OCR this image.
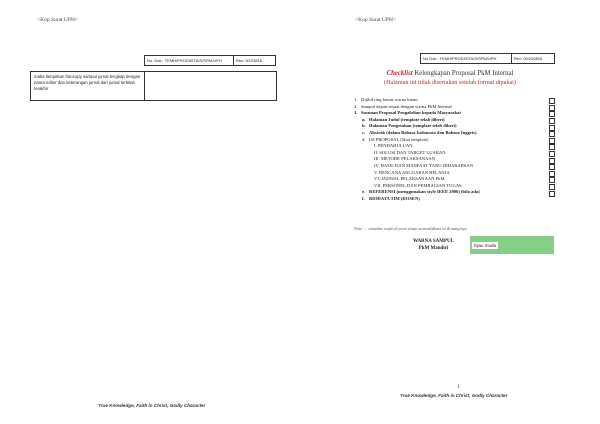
<Kop Surat UPH>
No. Dok.: TEMH/PRODI/STA/S/SPM-UPH	Rev: 00/23816
maka lampirkan fotocopy sampul jurnal lengkap dengan nama editor dan keterangan jurnal dari jurnal terbitan terakhir
True Knowledge, Faith in Christ, Godly Character
<Kop Surat UPH>
No Dok.: TEMH/PRODI/STA/S/SPM/UPH	Rev: 00/230816
Checklist Kelengkapan Proposal PkM Internal
(Halaman ini tidak disertakan setelah format dipakai)
1. Dijilid ring kawat warna hitam
2. Sampul depan sesuai dengan warna PkM Internal
3. Susunan Proposal Pengabdian kepada Masyarakat
a. Halaman Judul (template telah diberi)
b. Halaman Pengesahan (template telah diberi)
c. Abstrak (dalam Bahasa Indonesia dan Bahasa Inggris)
d. ISI PROPOSAL (lihat template)
I. PENDAHULUAN
II. SOLUSI DAN TARGET LUARAN
III. METODE PELAKSANAAN
IV. HASIL DAN MANFAAT YANG DIHARAPKAN
V. RENCANA ANGGARAN BELANJA
VI. JADWAL PELAKSANAAN PkM
VII. PERSONEL DAN PEMBAGIAN TUGAS
e. REFERENSI (menggunakan style IEEE 2006) (bila ada)
f. BIODATA TIM (DOSEN)
Note: ... template wajib di print tetapi memodifikasi isi di nanginya
WARNA SAMPUL
PkM Mandiri
hijau muda
1
True Knowledge, Faith in Christ, Godly Character
